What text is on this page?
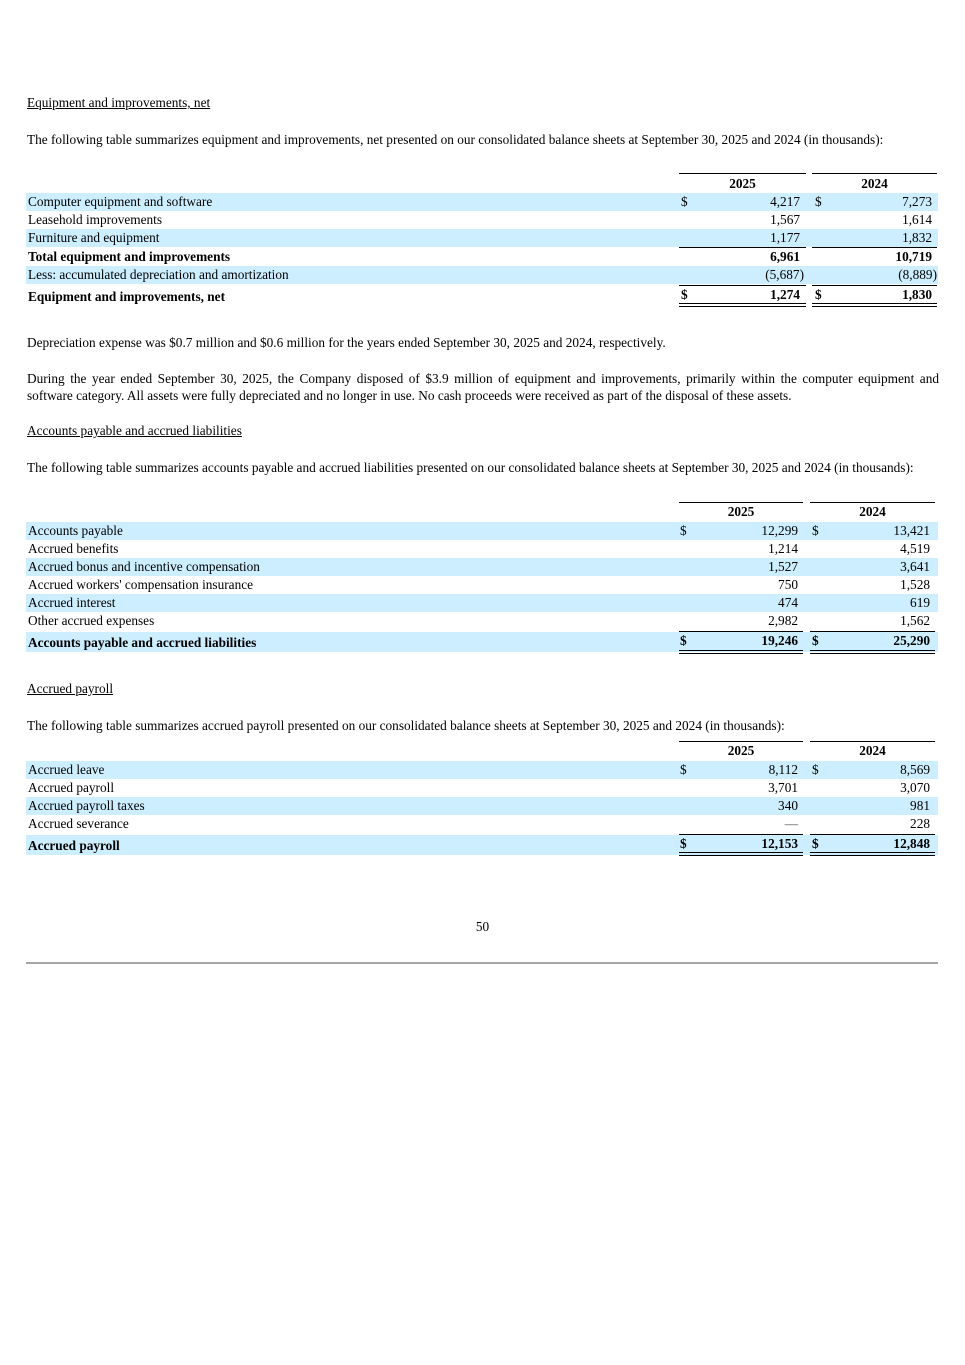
Equipment and improvements, net
The following table summarizes equipment and improvements, net presented on our consolidated balance sheets at September 30, 2025 and 2024 (in thousands):
2025	2024
Computer equipment and software	$	4,217 $	7,273
Leasehold improvements	1,567	1,614
Furniture and equipment	1,177	1,832
Total equipment and improvements	6,961	10,719
Less: accumulated depreciation and amortization	(5,687)	(8,889)
Equipment and improvements, net	$	1,274 $	1,830
Depreciation expense was $0.7 million and $0.6 million for the years ended September 30, 2025 and 2024, respectively.
During the year ended September 30, 2025, the Company disposed of $3.9 million of equipment and improvements, primarily within the computer equipment and software category. All assets were fully depreciated and no longer in use. No cash proceeds were received as part of the disposal of these assets.
Accounts payable and accrued liabilities
The following table summarizes accounts payable and accrued liabilities presented on our consolidated balance sheets at September 30, 2025 and 2024 (in thousands):
2025	2024
Accounts payable	$	12,299 $	13,421
Accrued benefits	1,214	4,519
Accrued bonus and incentive compensation	1,527	3,641
Accrued workers' compensation insurance	750	1,528
Accrued interest	474	619
Other accrued expenses	2,982	1,562
Accounts payable and accrued liabilities	$	19,246 $	25,290
Accrued payroll
The following table summarizes accrued payroll presented on our consolidated balance sheets at September 30, 2025 and 2024 (in thousands):
2025	2024
Accrued leave	$	8,112 $	8,569
Accrued payroll	3,701	3,070
Accrued payroll taxes	340	981
Accrued severance	—	228
Accrued payroll	$	12,153 $	12,848
50
